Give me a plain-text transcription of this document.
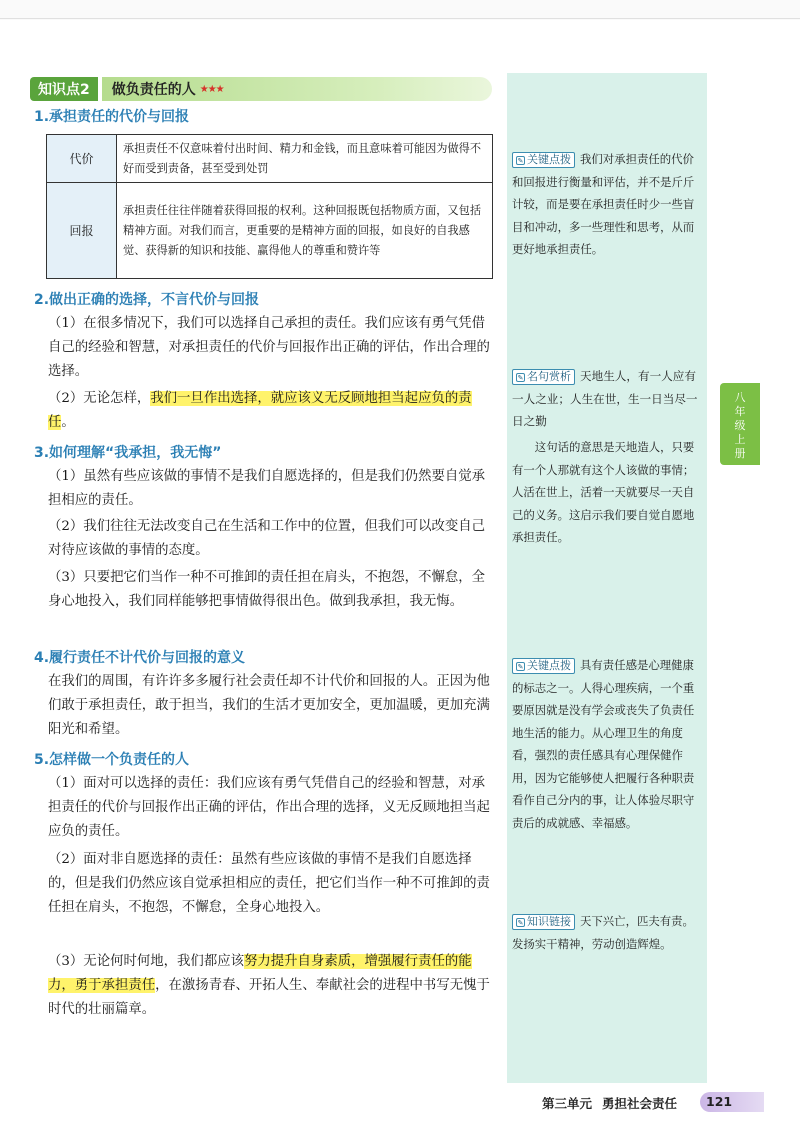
知识点2	做负责任的人 ★★★
1.承担责任的代价与回报
代价	承担责任不仅意味着付出时间、精力和金钱，而且意味着可能因为做得不好而受到责备，甚至受到处罚
回报	承担责任往往伴随着获得回报的权利。这种回报既包括物质方面，又包括精神方面。对我们而言，更重要的是精神方面的回报，如良好的自我感觉、获得新的知识和技能、赢得他人的尊重和赞许等
2.做出正确的选择，不言代价与回报
（1）在很多情况下，我们可以选择自己承担的责任。我们应该有勇气凭借自己的经验和智慧，对承担责任的代价与回报作出正确的评估，作出合理的选择。
（2）无论怎样，我们一旦作出选择，就应该义无反顾地担当起应负的责任。
3.如何理解“我承担，我无悔”
（1）虽然有些应该做的事情不是我们自愿选择的，但是我们仍然要自觉承担相应的责任。
（2）我们往往无法改变自己在生活和工作中的位置，但我们可以改变自己对待应该做的事情的态度。
（3）只要把它们当作一种不可推卸的责任担在肩头，不抱怨，不懈怠，全身心地投入，我们同样能够把事情做得很出色。做到我承担，我无悔。
4.履行责任不计代价与回报的意义
在我们的周围，有许许多多履行社会责任却不计代价和回报的人。正因为他们敢于承担责任，敢于担当，我们的生活才更加安全，更加温暖，更加充满阳光和希望。
5.怎样做一个负责任的人
（1）面对可以选择的责任：我们应该有勇气凭借自己的经验和智慧，对承担责任的代价与回报作出正确的评估，作出合理的选择，义无反顾地担当起应负的责任。
（2）面对非自愿选择的责任：虽然有些应该做的事情不是我们自愿选择的，但是我们仍然应该自觉承担相应的责任，把它们当作一种不可推卸的责任担在肩头，不抱怨，不懈怠，全身心地投入。
（3）无论何时何地，我们都应该努力提升自身素质，增强履行责任的能力，勇于承担责任，在激扬青春、开拓人生、奉献社会的进程中书写无愧于时代的壮丽篇章。
✎ 关键点拨 我们对承担责任的代价和回报进行衡量和评估，并不是斤斤计较，而是要在承担责任时少一些盲目和冲动，多一些理性和思考，从而更好地承担责任。
✎ 名句赏析 天地生人，有一人应有一人之业；人生在世，生一日当尽一日之勤
这句话的意思是天地造人，只要有一个人那就有这个人该做的事情；人活在世上，活着一天就要尽一天自己的义务。这启示我们要自觉自愿地承担责任。
✎ 关键点拨 具有责任感是心理健康的标志之一。人得心理疾病，一个重要原因就是没有学会或丧失了负责任地生活的能力。从心理卫生的角度看，强烈的责任感具有心理保健作用，因为它能够使人把履行各种职责看作自己分内的事，让人体验尽职守责后的成就感、幸福感。
✎ 知识链接 天下兴亡，匹夫有责。发扬实干精神，劳动创造辉煌。
八年级上册
第三单元 勇担社会责任	121
